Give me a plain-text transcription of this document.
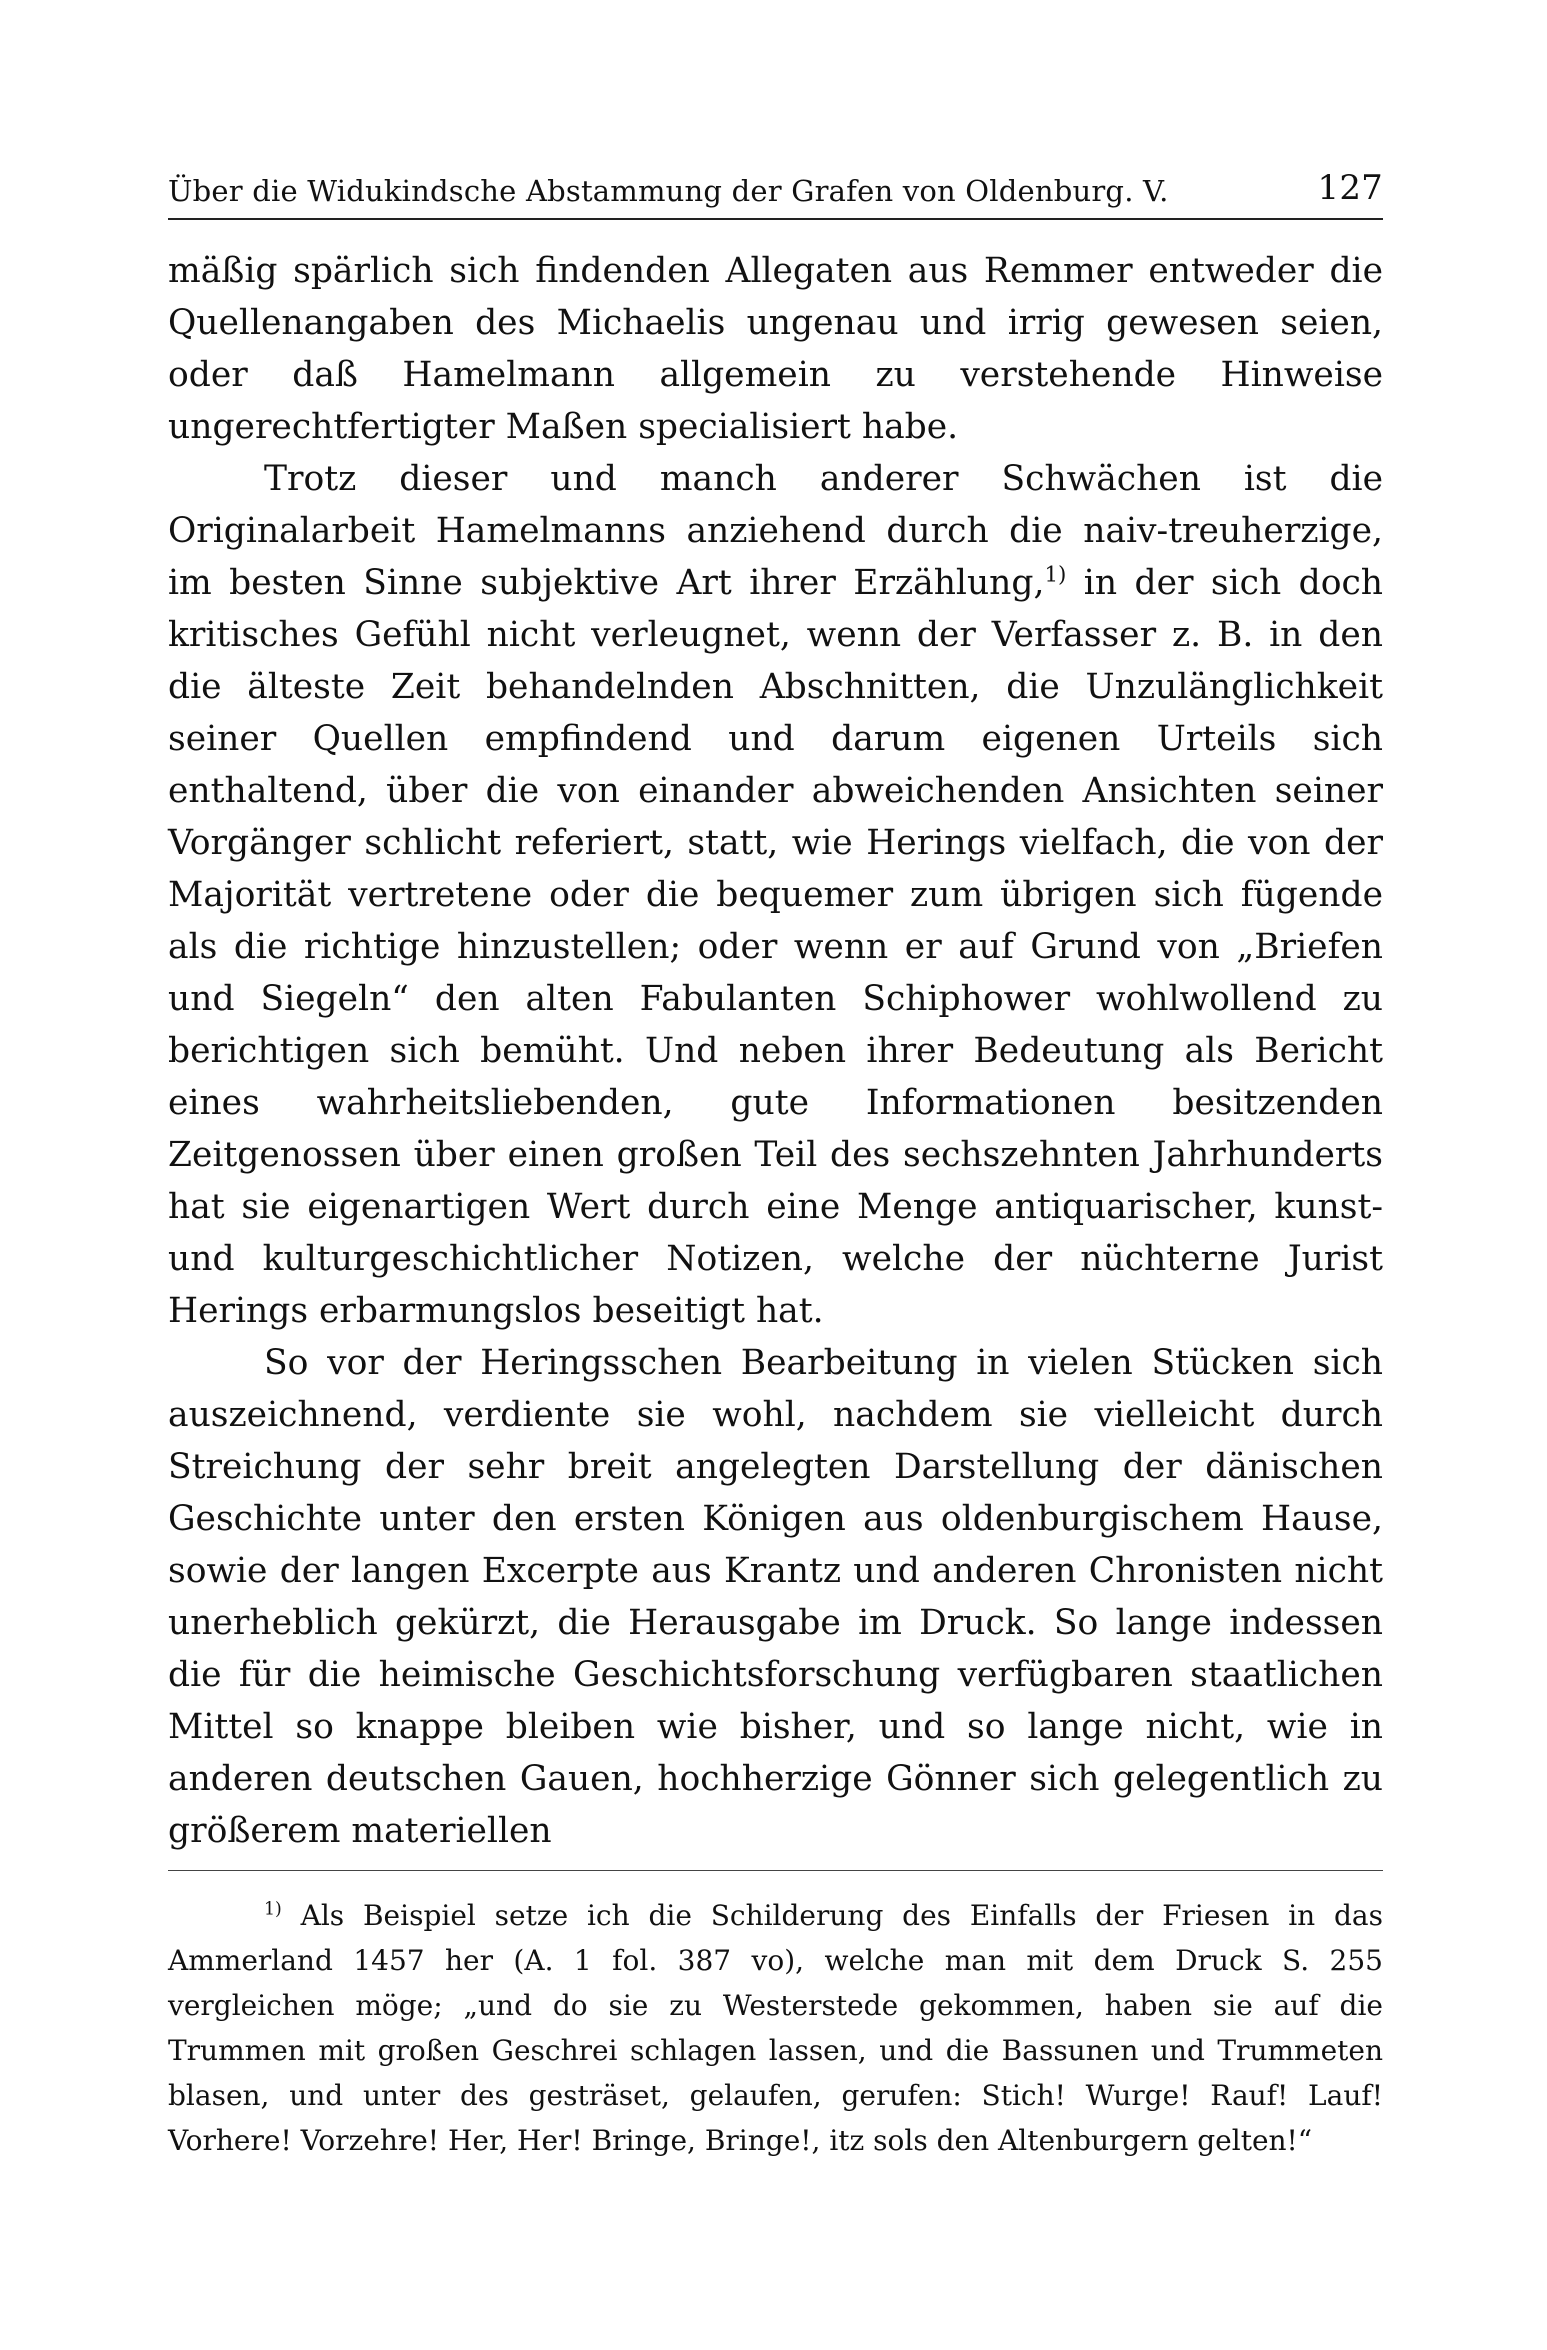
Über die Widukindsche Abstammung der Grafen von Oldenburg. V.	127

mäßig spärlich sich findenden Allegaten aus Remmer entweder die Quellenangaben des Michaelis ungenau und irrig gewesen seien, oder daß Hamelmann allgemein zu verstehende Hinweise ungerechtfertigter Maßen specialisiert habe.

Trotz dieser und manch anderer Schwächen ist die Originalarbeit Hamelmanns anziehend durch die naiv-treuherzige, im besten Sinne subjektive Art ihrer Erzählung,$^{1)}$ in der sich doch kritisches Gefühl nicht verleugnet, wenn der Verfasser z. B. in den die älteste Zeit behandelnden Abschnitten, die Unzulänglichkeit seiner Quellen empfindend und darum eigenen Urteils sich enthaltend, über die von einander abweichenden Ansichten seiner Vorgänger schlicht referiert, statt, wie Herings vielfach, die von der Majorität vertretene oder die bequemer zum übrigen sich fügende als die richtige hinzustellen; oder wenn er auf Grund von „Briefen und Siegeln“ den alten Fabulanten Schiphower wohlwollend zu berichtigen sich bemüht. Und neben ihrer Bedeutung als Bericht eines wahrheitsliebenden, gute Informationen besitzenden Zeitgenossen über einen großen Teil des sechszehnten Jahrhunderts hat sie eigenartigen Wert durch eine Menge antiquarischer, kunst- und kulturgeschichtlicher Notizen, welche der nüchterne Jurist Herings erbarmungslos beseitigt hat.

So vor der Heringsschen Bearbeitung in vielen Stücken sich auszeichnend, verdiente sie wohl, nachdem sie vielleicht durch Streichung der sehr breit angelegten Darstellung der dänischen Geschichte unter den ersten Königen aus oldenburgischem Hause, sowie der langen Excerpte aus Krantz und anderen Chronisten nicht unerheblich gekürzt, die Herausgabe im Druck. So lange indessen die für die heimische Geschichtsforschung verfügbaren staatlichen Mittel so knappe bleiben wie bisher, und so lange nicht, wie in anderen deutschen Gauen, hochherzige Gönner sich gelegentlich zu größerem materiellen

$^{1)}$ Als Beispiel setze ich die Schilderung des Einfalls der Friesen in das Ammerland 1457 her (A. 1 fol. 387 vo), welche man mit dem Druck S. 255 vergleichen möge; „und do sie zu Westerstede gekommen, haben sie auf die Trummen mit großen Geschrei schlagen lassen, und die Bassunen und Trummeten blasen, und unter des gesträset, gelaufen, gerufen: Stich! Wurge! Rauf! Lauf! Vorhere! Vorzehre! Her, Her! Bringe, Bringe!, itz sols den Altenburgern gelten!“
